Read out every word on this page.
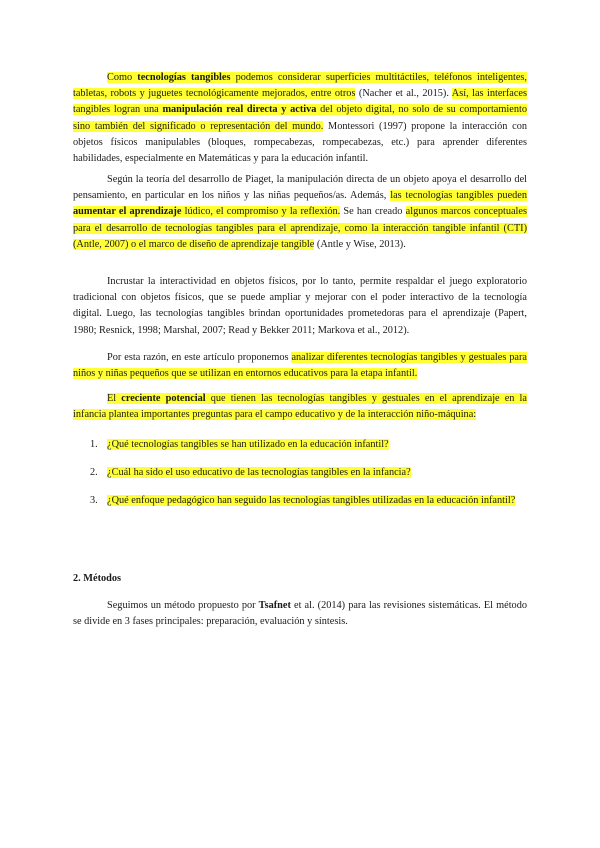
Como tecnologías tangibles podemos considerar superficies multitáctiles, teléfonos inteligentes, tabletas, robots y juguetes tecnológicamente mejorados, entre otros (Nacher et al., 2015). Así, las interfaces tangibles logran una manipulación real directa y activa del objeto digital, no solo de su comportamiento sino también del significado o representación del mundo. Montessori (1997) propone la interacción con objetos físicos manipulables (bloques, rompecabezas, rompecabezas, etc.) para aprender diferentes habilidades, especialmente en Matemáticas y para la educación infantil.

Según la teoría del desarrollo de Piaget, la manipulación directa de un objeto apoya el desarrollo del pensamiento, en particular en los niños y las niñas pequeños/as. Además, las tecnologías tangibles pueden aumentar el aprendizaje lúdico, el compromiso y la reflexión. Se han creado algunos marcos conceptuales para el desarrollo de tecnologías tangibles para el aprendizaje, como la interacción tangible infantil (CTI) (Antle, 2007) o el marco de diseño de aprendizaje tangible (Antle y Wise, 2013).

Incrustar la interactividad en objetos físicos, por lo tanto, permite respaldar el juego exploratorio tradicional con objetos físicos, que se puede ampliar y mejorar con el poder interactivo de la tecnología digital. Luego, las tecnologías tangibles brindan oportunidades prometedoras para el aprendizaje (Papert, 1980; Resnick, 1998; Marshal, 2007; Read y Bekker 2011; Markova et al., 2012).

Por esta razón, en este artículo proponemos analizar diferentes tecnologías tangibles y gestuales para niños y niñas pequeños que se utilizan en entornos educativos para la etapa infantil.

El creciente potencial que tienen las tecnologías tangibles y gestuales en el aprendizaje en la infancia plantea importantes preguntas para el campo educativo y de la interacción niño-máquina:

1. ¿Qué tecnologías tangibles se han utilizado en la educación infantil?
2. ¿Cuál ha sido el uso educativo de las tecnologías tangibles en la infancia?
3. ¿Qué enfoque pedagógico han seguido las tecnologías tangibles utilizadas en la educación infantil?

2. Métodos

Seguimos un método propuesto por Tsafnet et al. (2014) para las revisiones sistemáticas. El método se divide en 3 fases principales: preparación, evaluación y síntesis.
